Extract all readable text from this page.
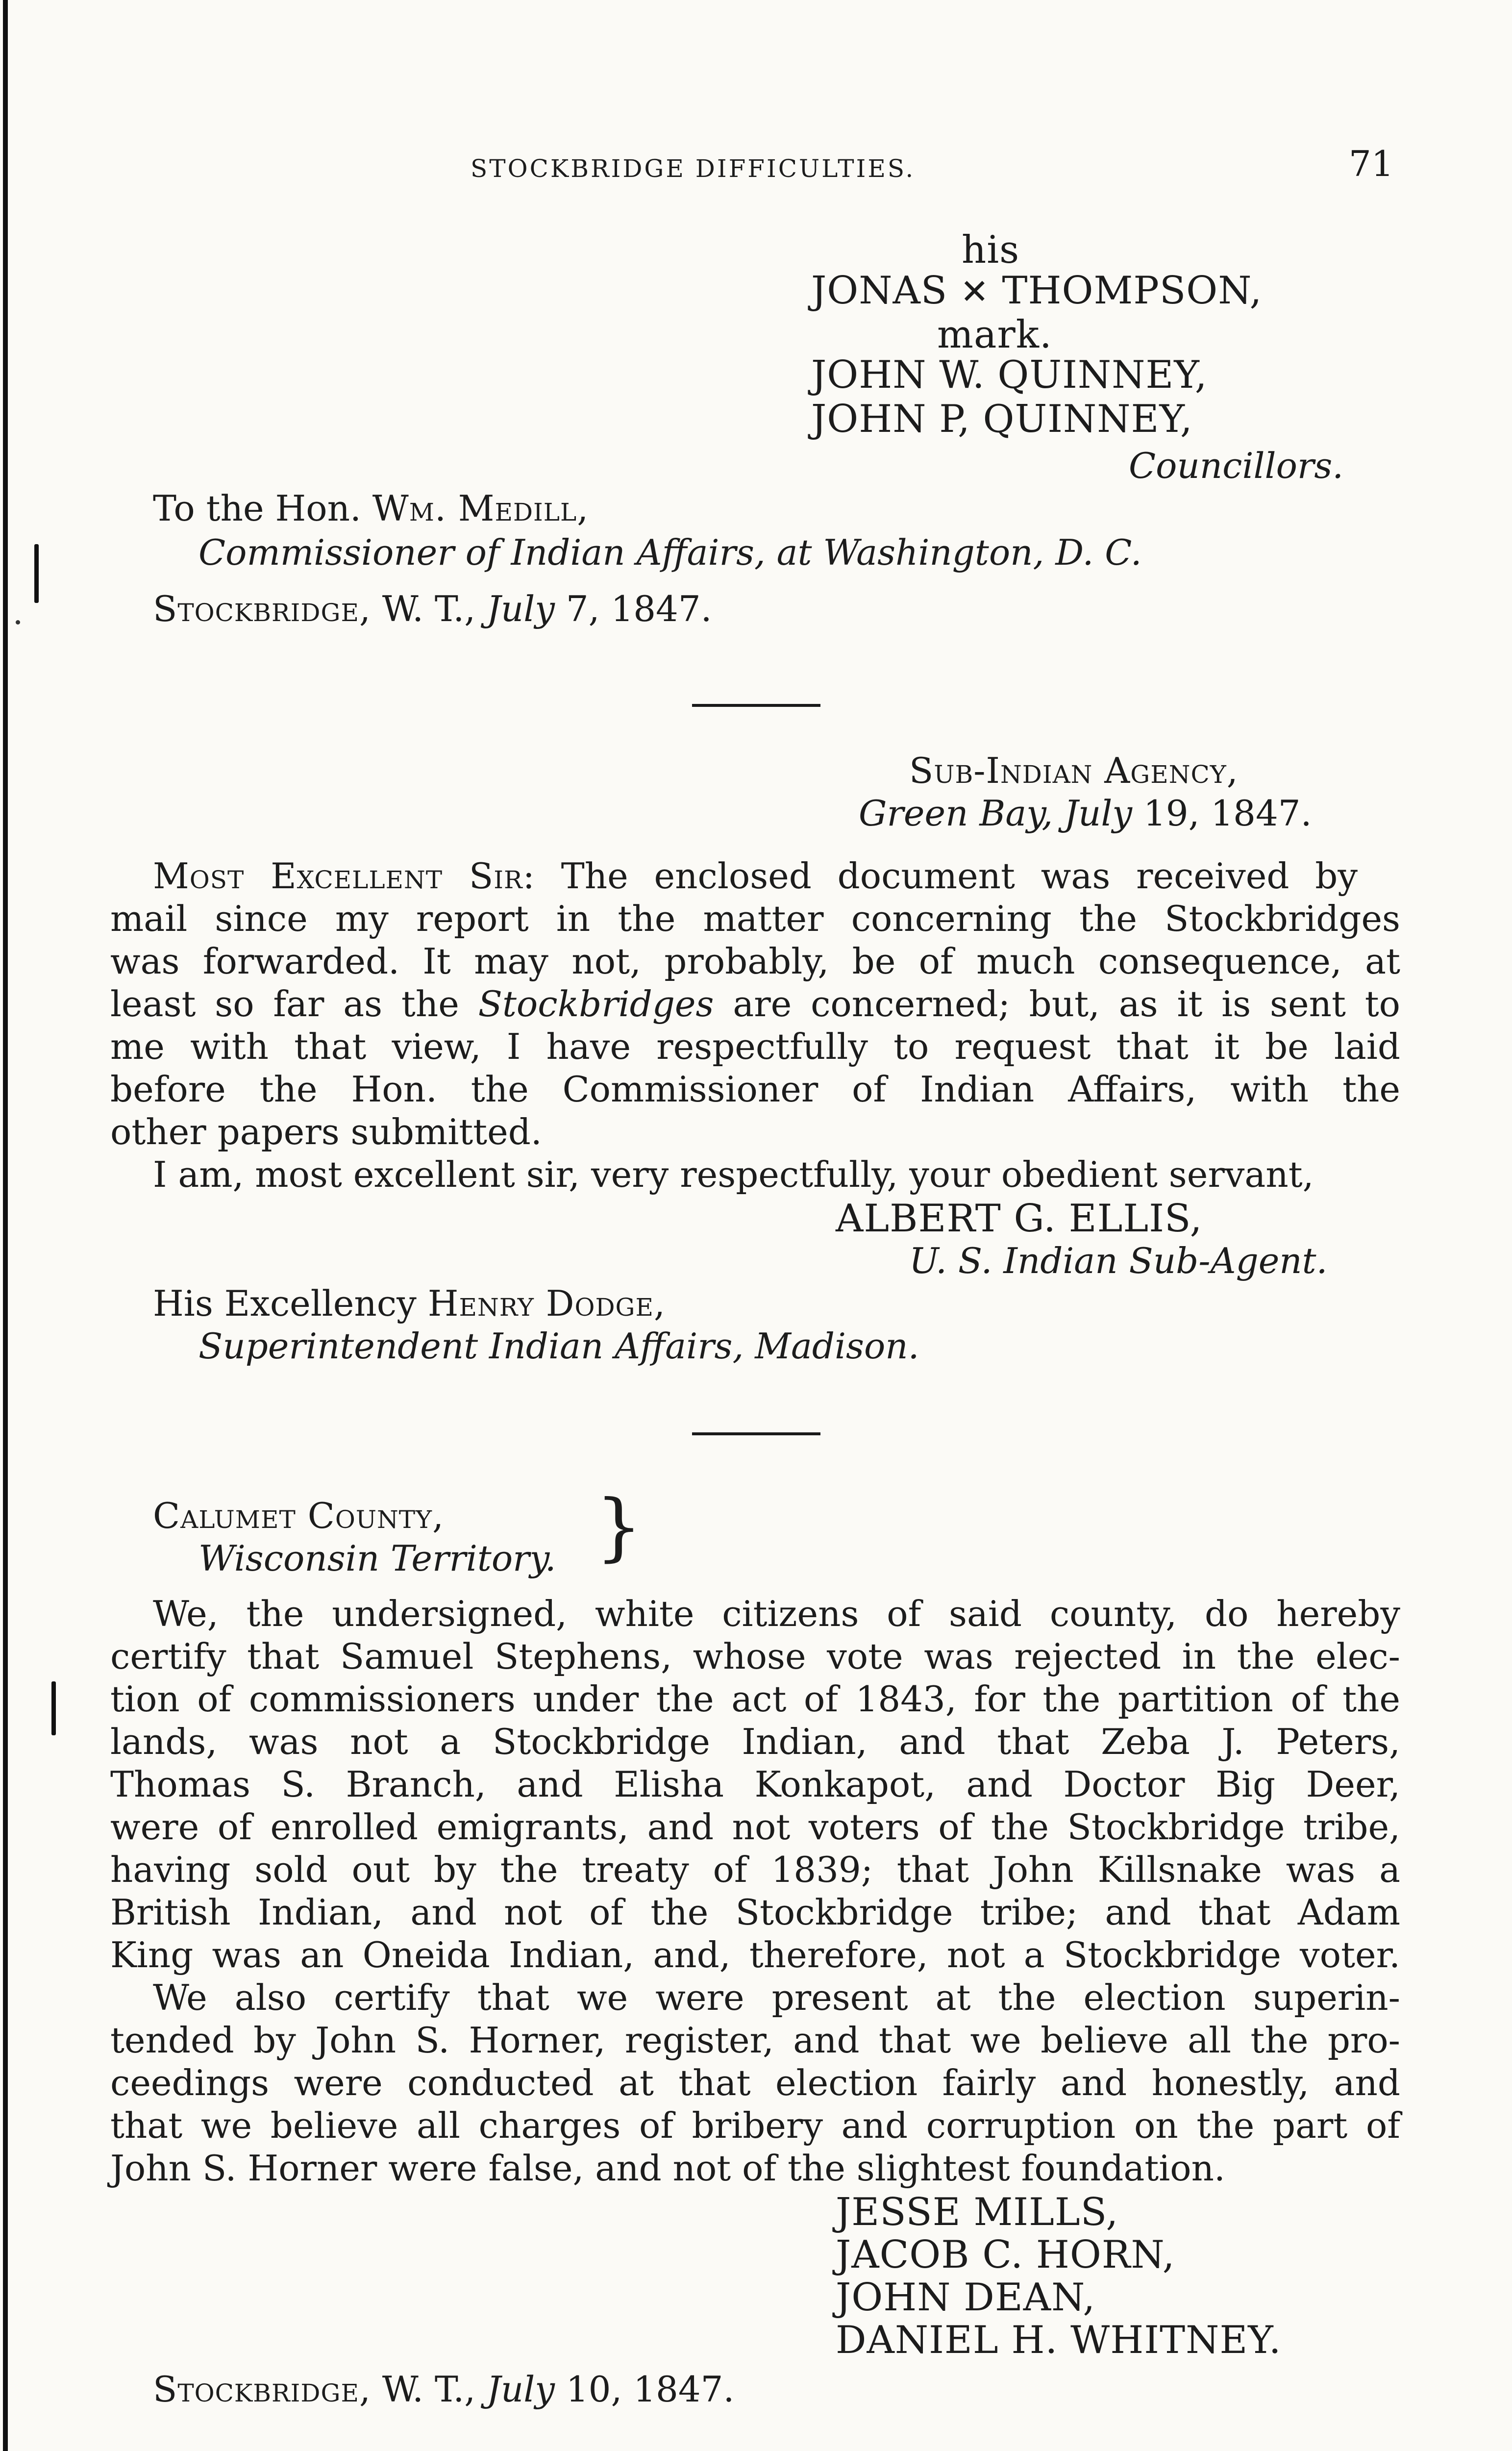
STOCKBRIDGE DIFFICULTIES.	71
his
JONAS ✕ THOMPSON,
mark.
JOHN W. QUINNEY,
JOHN P, QUINNEY,
Councillors.
To the Hon. Wm. Medill,
Commissioner of Indian Affairs, at Washington, D. C.
Stockbridge, W. T., July 7, 1847.
Sub-Indian Agency,
Green Bay, July 19, 1847.
Most Excellent Sir: The enclosed document was received by
mail since my report in the matter concerning the Stockbridges
was forwarded. It may not, probably, be of much consequence, at
least so far as the Stockbridges are concerned; but, as it is sent to
me with that view, I have respectfully to request that it be laid
before the Hon. the Commissioner of Indian Affairs, with the
other papers submitted.
I am, most excellent sir, very respectfully, your obedient servant,
ALBERT G. ELLIS,
U. S. Indian Sub-Agent.
His Excellency Henry Dodge,
Superintendent Indian Affairs, Madison.
Calumet County,
Wisconsin Territory. }
We, the undersigned, white citizens of said county, do hereby
certify that Samuel Stephens, whose vote was rejected in the elec-
tion of commissioners under the act of 1843, for the partition of the
lands, was not a Stockbridge Indian, and that Zeba J. Peters,
Thomas S. Branch, and Elisha Konkapot, and Doctor Big Deer,
were of enrolled emigrants, and not voters of the Stockbridge tribe,
having sold out by the treaty of 1839; that John Killsnake was a
British Indian, and not of the Stockbridge tribe; and that Adam
King was an Oneida Indian, and, therefore, not a Stockbridge voter.
We also certify that we were present at the election superin-
tended by John S. Horner, register, and that we believe all the pro-
ceedings were conducted at that election fairly and honestly, and
that we believe all charges of bribery and corruption on the part of
John S. Horner were false, and not of the slightest foundation.
JESSE MILLS,
JACOB C. HORN,
JOHN DEAN,
DANIEL H. WHITNEY.
Stockbridge, W. T., July 10, 1847.
